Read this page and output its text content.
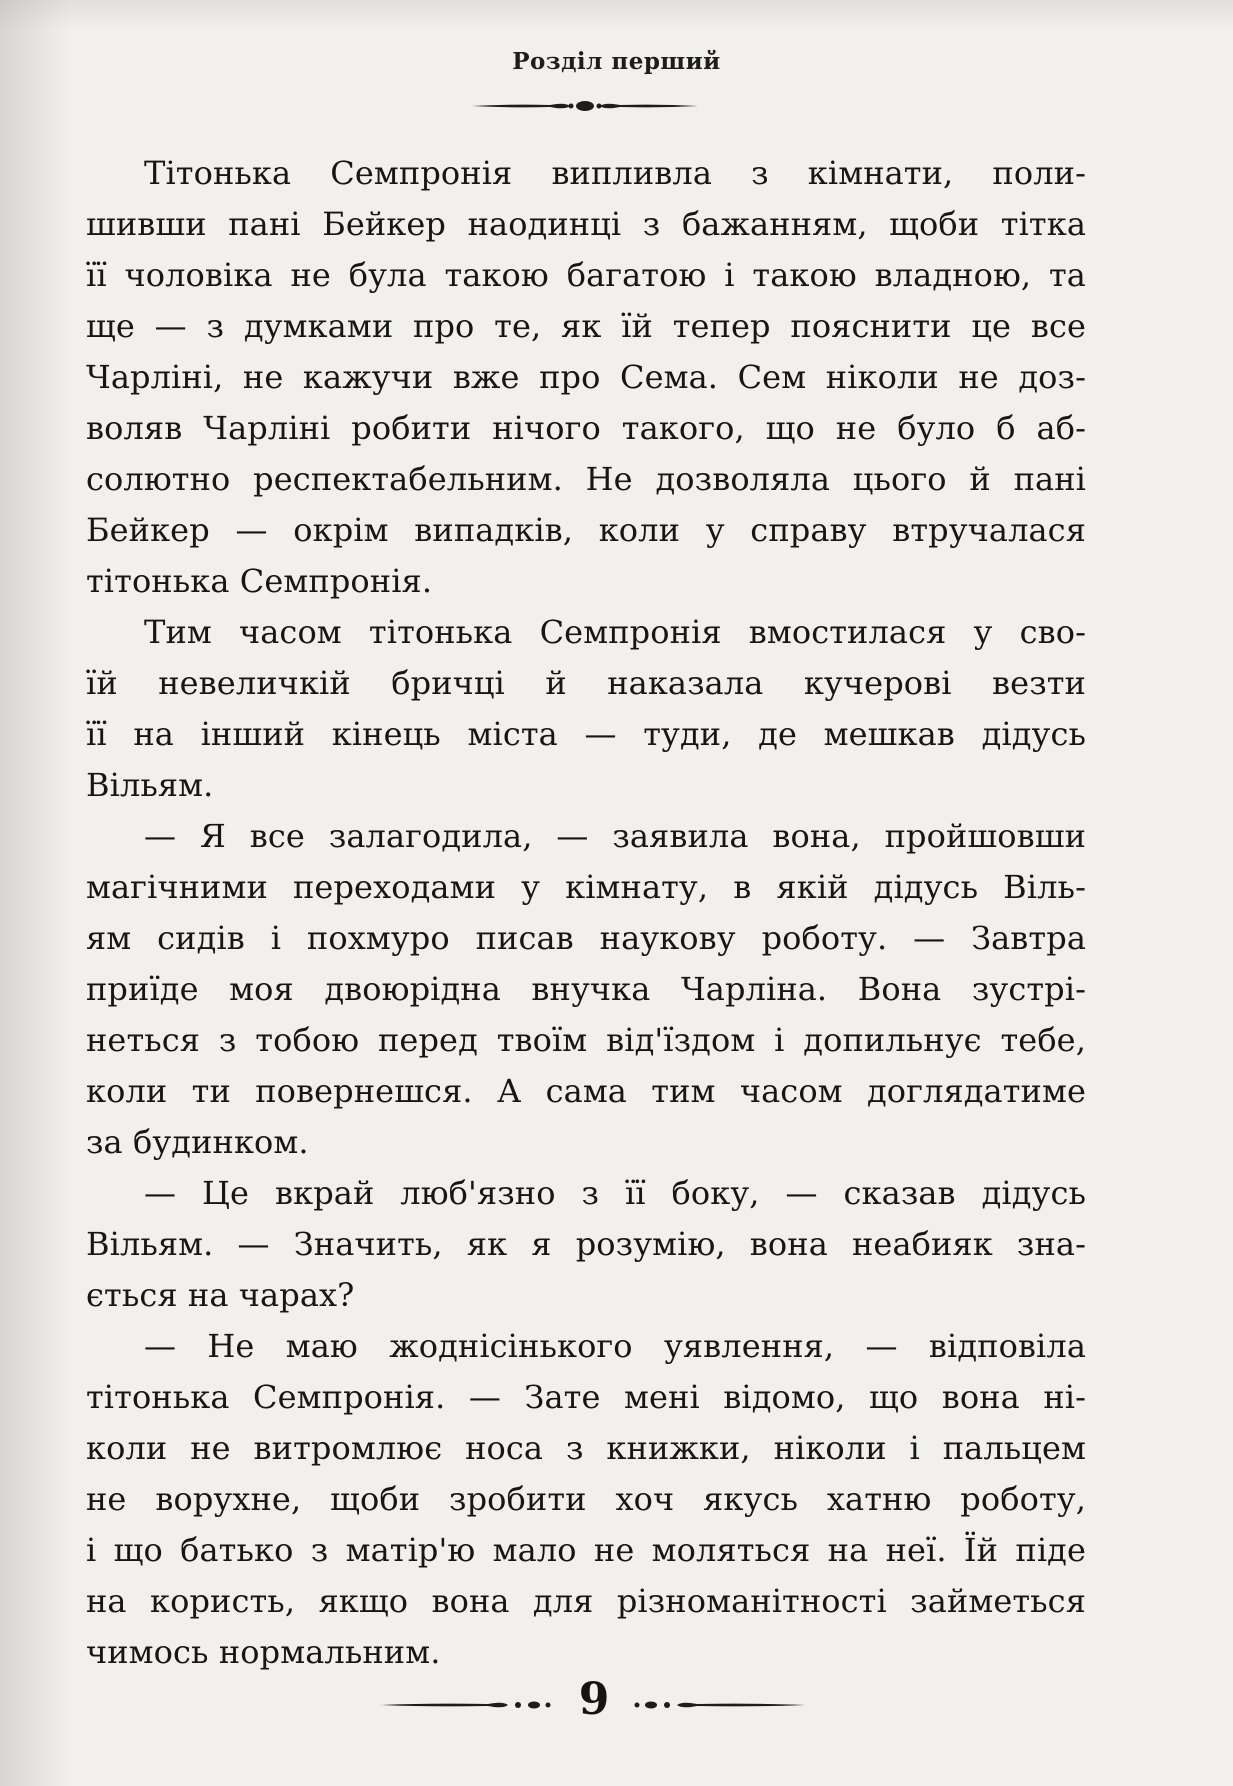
Розділ перший
Тітонька Семпронія випливла з кімнати, поли-
шивши пані Бейкер наодинці з бажанням, щоби тітка
її чоловіка не була такою багатою і такою владною, та
ще — з думками про те, як їй тепер пояснити це все
Чарліні, не кажучи вже про Сема. Сем ніколи не доз-
воляв Чарліні робити нічого такого, що не було б аб-
солютно респектабельним. Не дозволяла цього й пані
Бейкер — окрім випадків, коли у справу втручалася
тітонька Семпронія.
Тим часом тітонька Семпронія вмостилася у сво-
їй невеличкій бричці й наказала кучерові везти
її на інший кінець міста — туди, де мешкав дідусь
Вільям.
— Я все залагодила, — заявила вона, пройшовши
магічними переходами у кімнату, в якій дідусь Віль-
ям сидів і похмуро писав наукову роботу. — Завтра
приїде моя двоюрідна внучка Чарліна. Вона зустрі-
неться з тобою перед твоїм від'їздом і допильнує тебе,
коли ти повернешся. А сама тим часом доглядатиме
за будинком.
— Це вкрай люб'язно з її боку, — сказав дідусь
Вільям. — Значить, як я розумію, вона неабияк зна-
ється на чарах?
— Не маю жоднісінького уявлення, — відповіла
тітонька Семпронія. — Зате мені відомо, що вона ні-
коли не витромлює носа з книжки, ніколи і пальцем
не ворухне, щоби зробити хоч якусь хатню роботу,
і що батько з матір'ю мало не моляться на неї. Їй піде
на користь, якщо вона для різноманітності займеться
чимось нормальним.
9
